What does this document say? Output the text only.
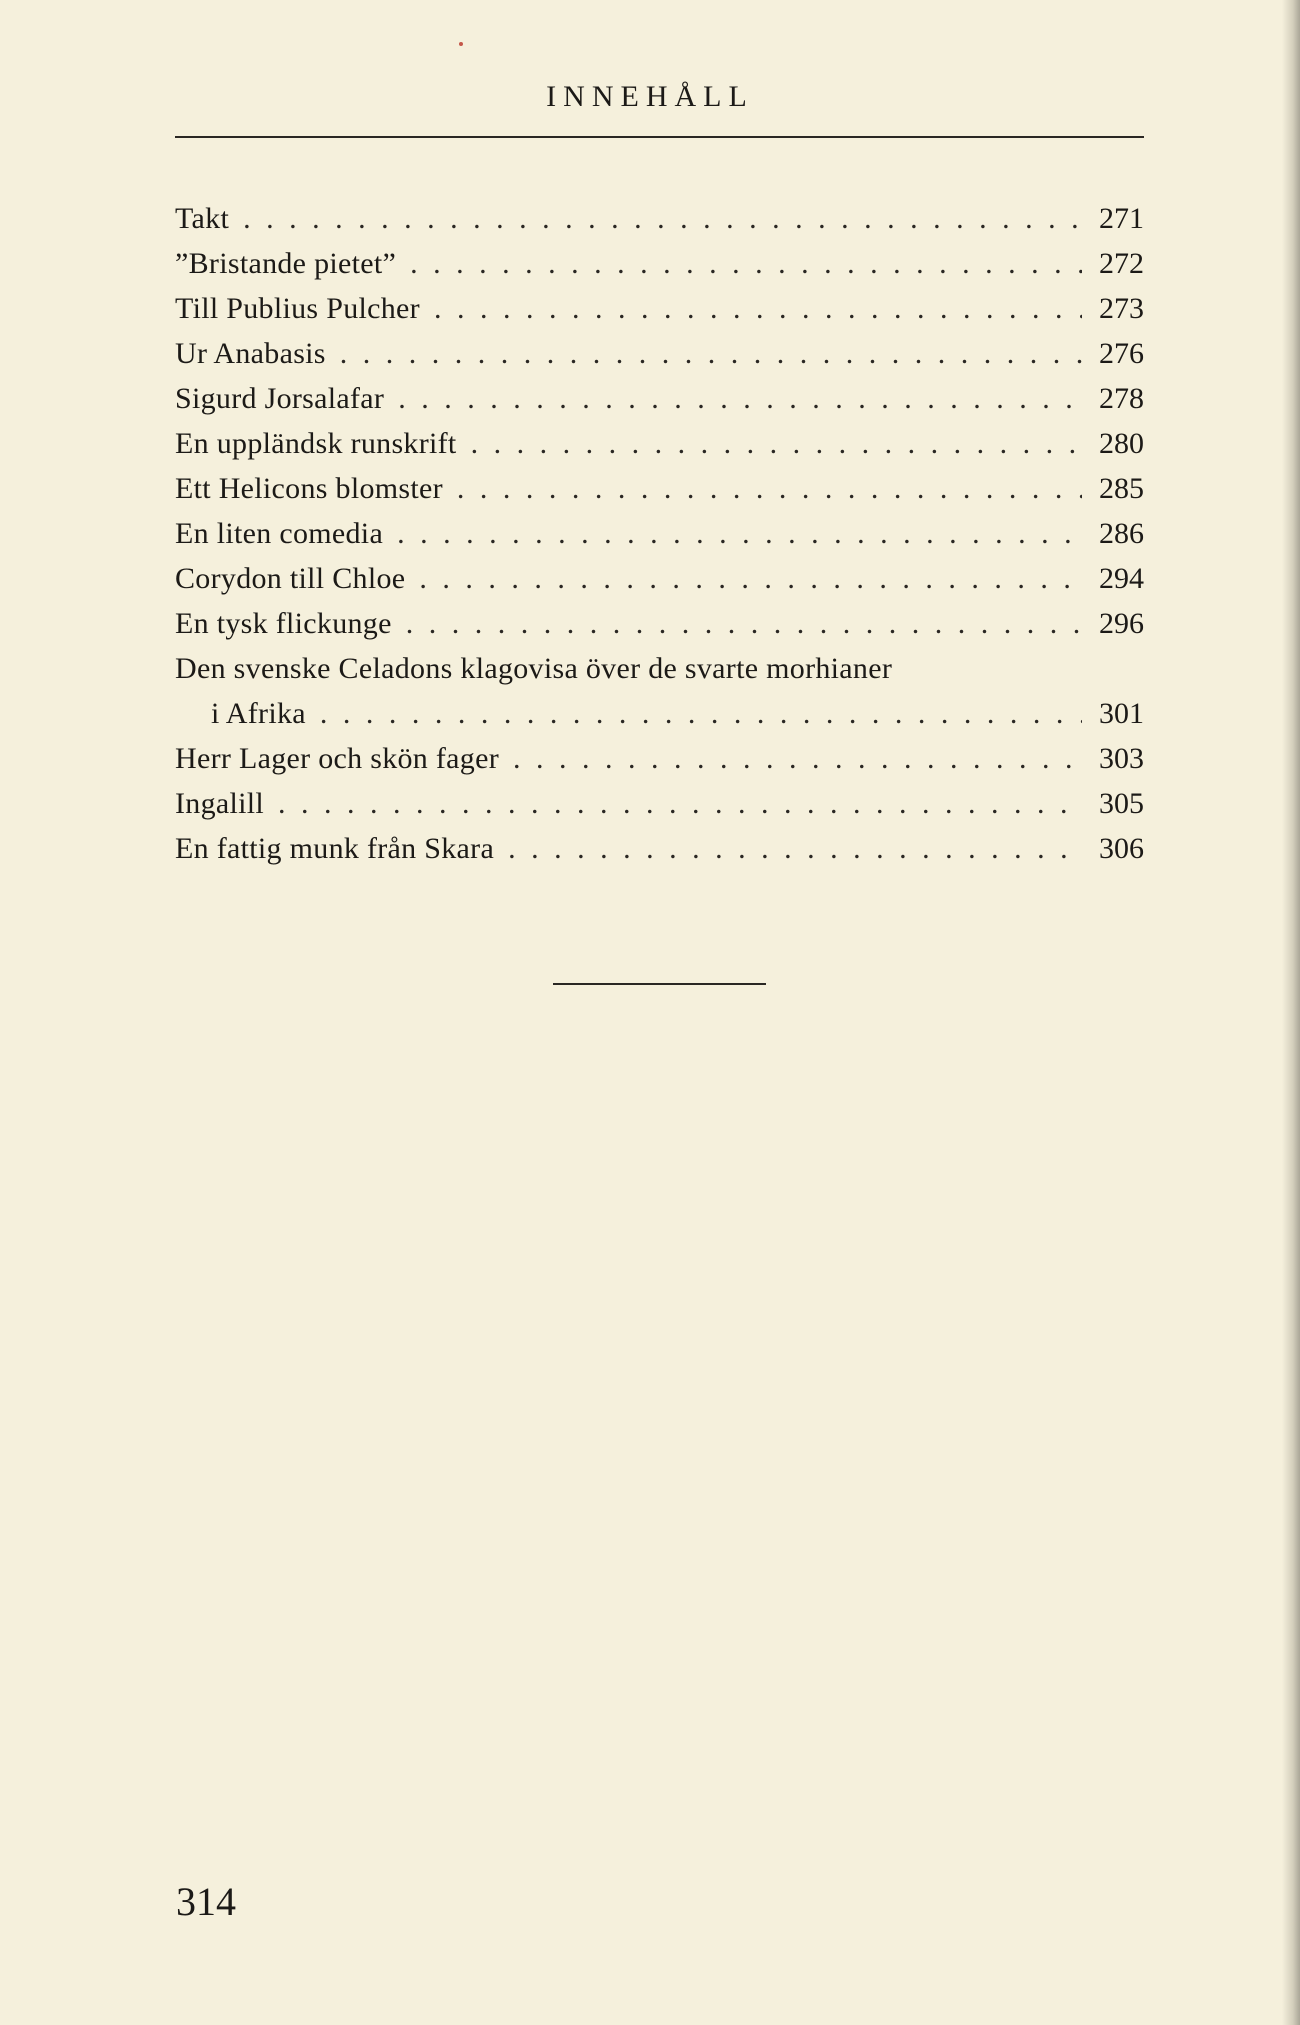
INNEHÅLL
Takt . . .	271
”Bristande pietet” . . .	272
Till Publius Pulcher . . .	273
Ur Anabasis . . .	276
Sigurd Jorsalafar . . .	278
En uppländsk runskrift . . .	280
Ett Helicons blomster . . .	285
En liten comedia . . .	286
Corydon till Chloe . . .	294
En tysk flickunge . . .	296
Den svenske Celadons klagovisa över de svarte morhianer
i Afrika . . .	301
Herr Lager och skön fager . . .	303
Ingalill . . .	305
En fattig munk från Skara . . .	306
314
